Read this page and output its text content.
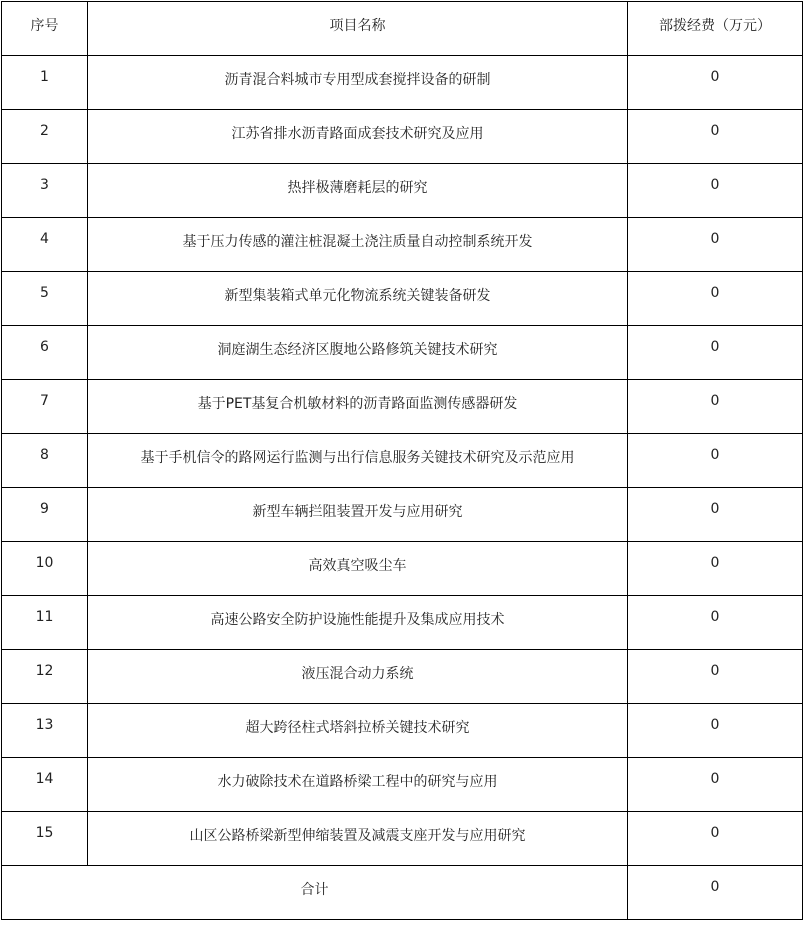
序号	项目名称	部拨经费（万元）
1	沥青混合料城市专用型成套搅拌设备的研制	0
2	江苏省排水沥青路面成套技术研究及应用	0
3	热拌极薄磨耗层的研究	0
4	基于压力传感的灌注桩混凝土浇注质量自动控制系统开发	0
5	新型集装箱式单元化物流系统关键装备研发	0
6	洞庭湖生态经济区腹地公路修筑关键技术研究	0
7	基于PET基复合机敏材料的沥青路面监测传感器研发	0
8	基于手机信令的路网运行监测与出行信息服务关键技术研究及示范应用	0
9	新型车辆拦阻装置开发与应用研究	0
10	高效真空吸尘车	0
11	高速公路安全防护设施性能提升及集成应用技术	0
12	液压混合动力系统	0
13	超大跨径柱式塔斜拉桥关键技术研究	0
14	水力破除技术在道路桥梁工程中的研究与应用	0
15	山区公路桥梁新型伸缩装置及减震支座开发与应用研究	0
合计		0
